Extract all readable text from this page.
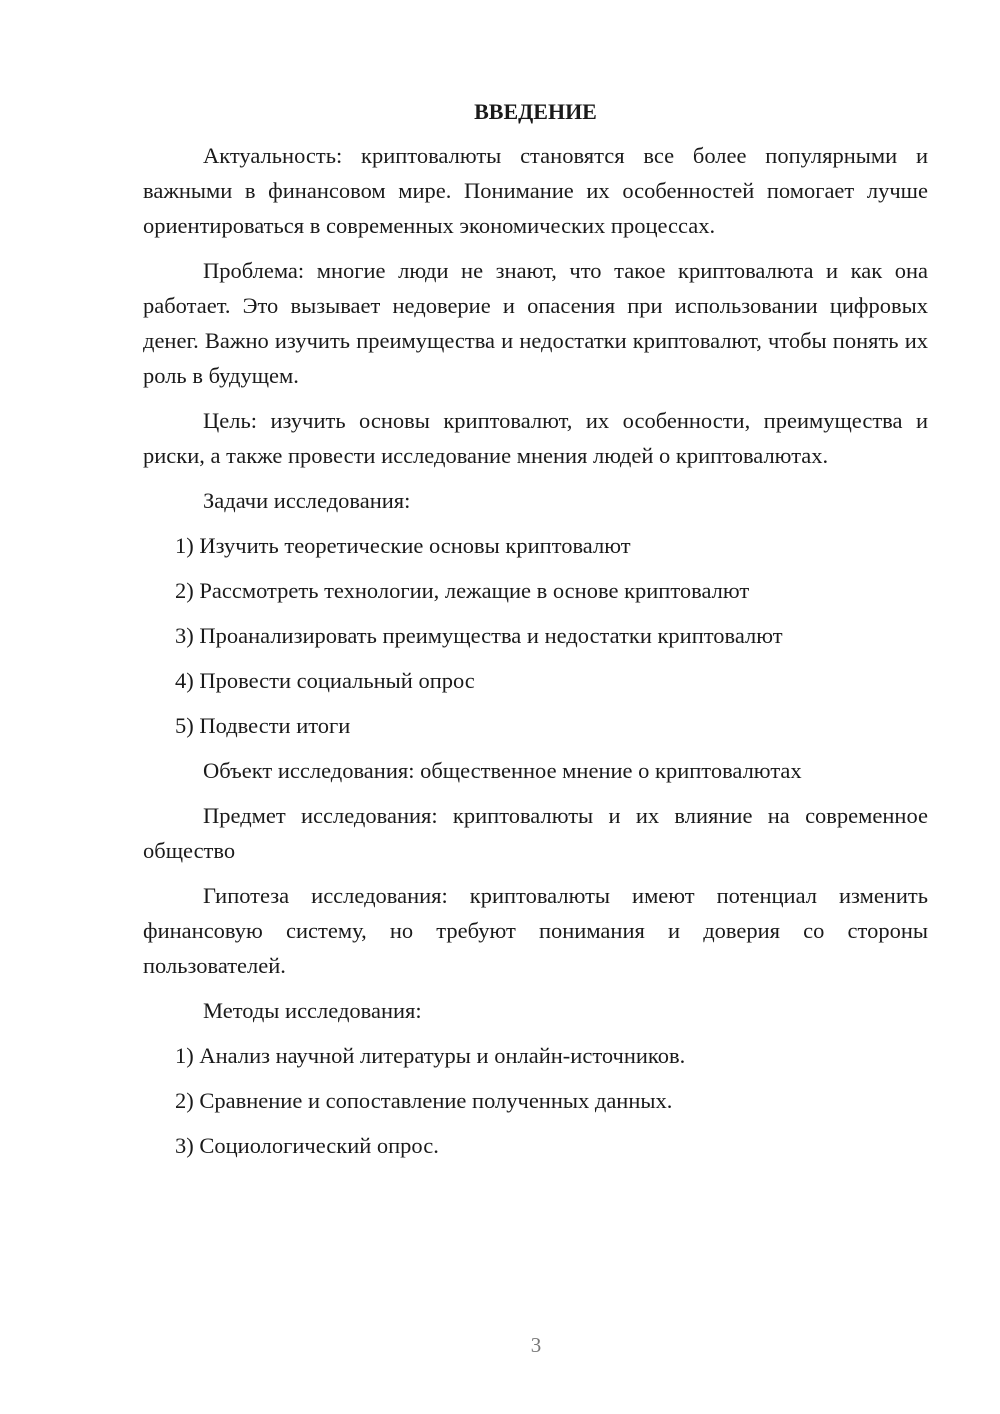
ВВЕДЕНИЕ

Актуальность: криптовалюты становятся все более популярными и важными в финансовом мире. Понимание их особенностей помогает лучше ориентироваться в современных экономических процессах.

Проблема: многие люди не знают, что такое криптовалюта и как она работает. Это вызывает недоверие и опасения при использовании цифровых денег. Важно изучить преимущества и недостатки криптовалют, чтобы понять их роль в будущем.

Цель: изучить основы криптовалют, их особенности, преимущества и риски, а также провести исследование мнения людей о криптовалютах.

Задачи исследования:

1) Изучить теоретические основы криптовалют
2) Рассмотреть технологии, лежащие в основе криптовалют
3) Проанализировать преимущества и недостатки криптовалют
4) Провести социальный опрос
5) Подвести итоги

Объект исследования: общественное мнение о криптовалютах

Предмет исследования: криптовалюты и их влияние на современное общество

Гипотеза исследования: криптовалюты имеют потенциал изменить финансовую систему, но требуют понимания и доверия со стороны пользователей.

Методы исследования:

1) Анализ научной литературы и онлайн-источников.
2) Сравнение и сопоставление полученных данных.
3) Социологический опрос.
3
